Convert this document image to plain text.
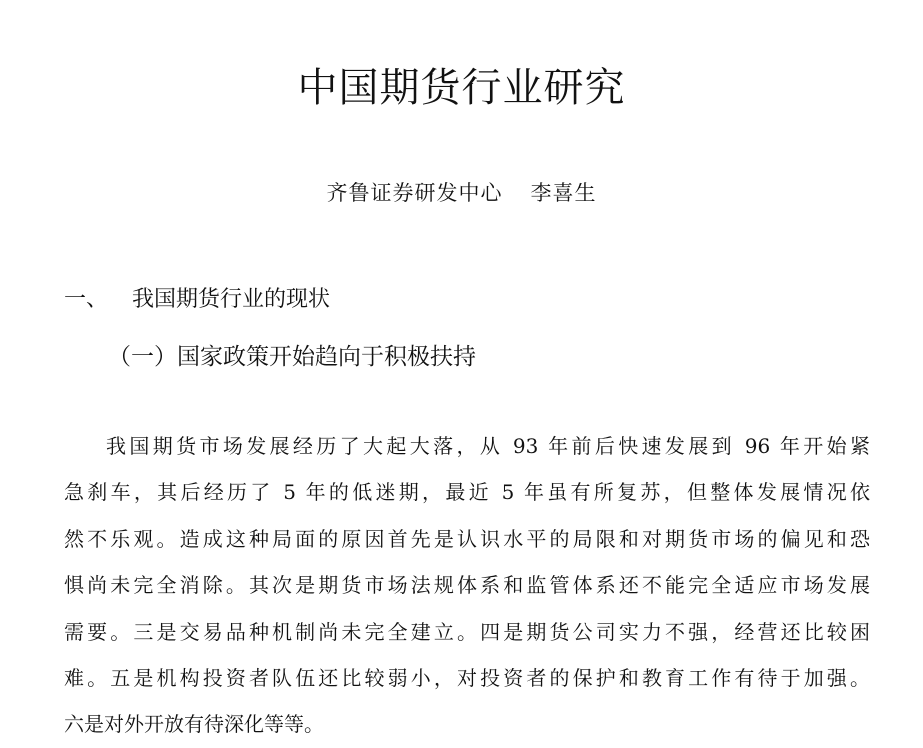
中国期货行业研究
齐鲁证券研发中心 李喜生
一、 我国期货行业的现状
（一）国家政策开始趋向于积极扶持
我国期货市场发展经历了大起大落，从 93 年前后快速发展到 96 年开始紧
急刹车，其后经历了 5 年的低迷期，最近 5 年虽有所复苏，但整体发展情况依
然不乐观。造成这种局面的原因首先是认识水平的局限和对期货市场的偏见和恐
惧尚未完全消除。其次是期货市场法规体系和监管体系还不能完全适应市场发展
需要。三是交易品种机制尚未完全建立。四是期货公司实力不强，经营还比较困
难。五是机构投资者队伍还比较弱小，对投资者的保护和教育工作有待于加强。
六是对外开放有待深化等等。
